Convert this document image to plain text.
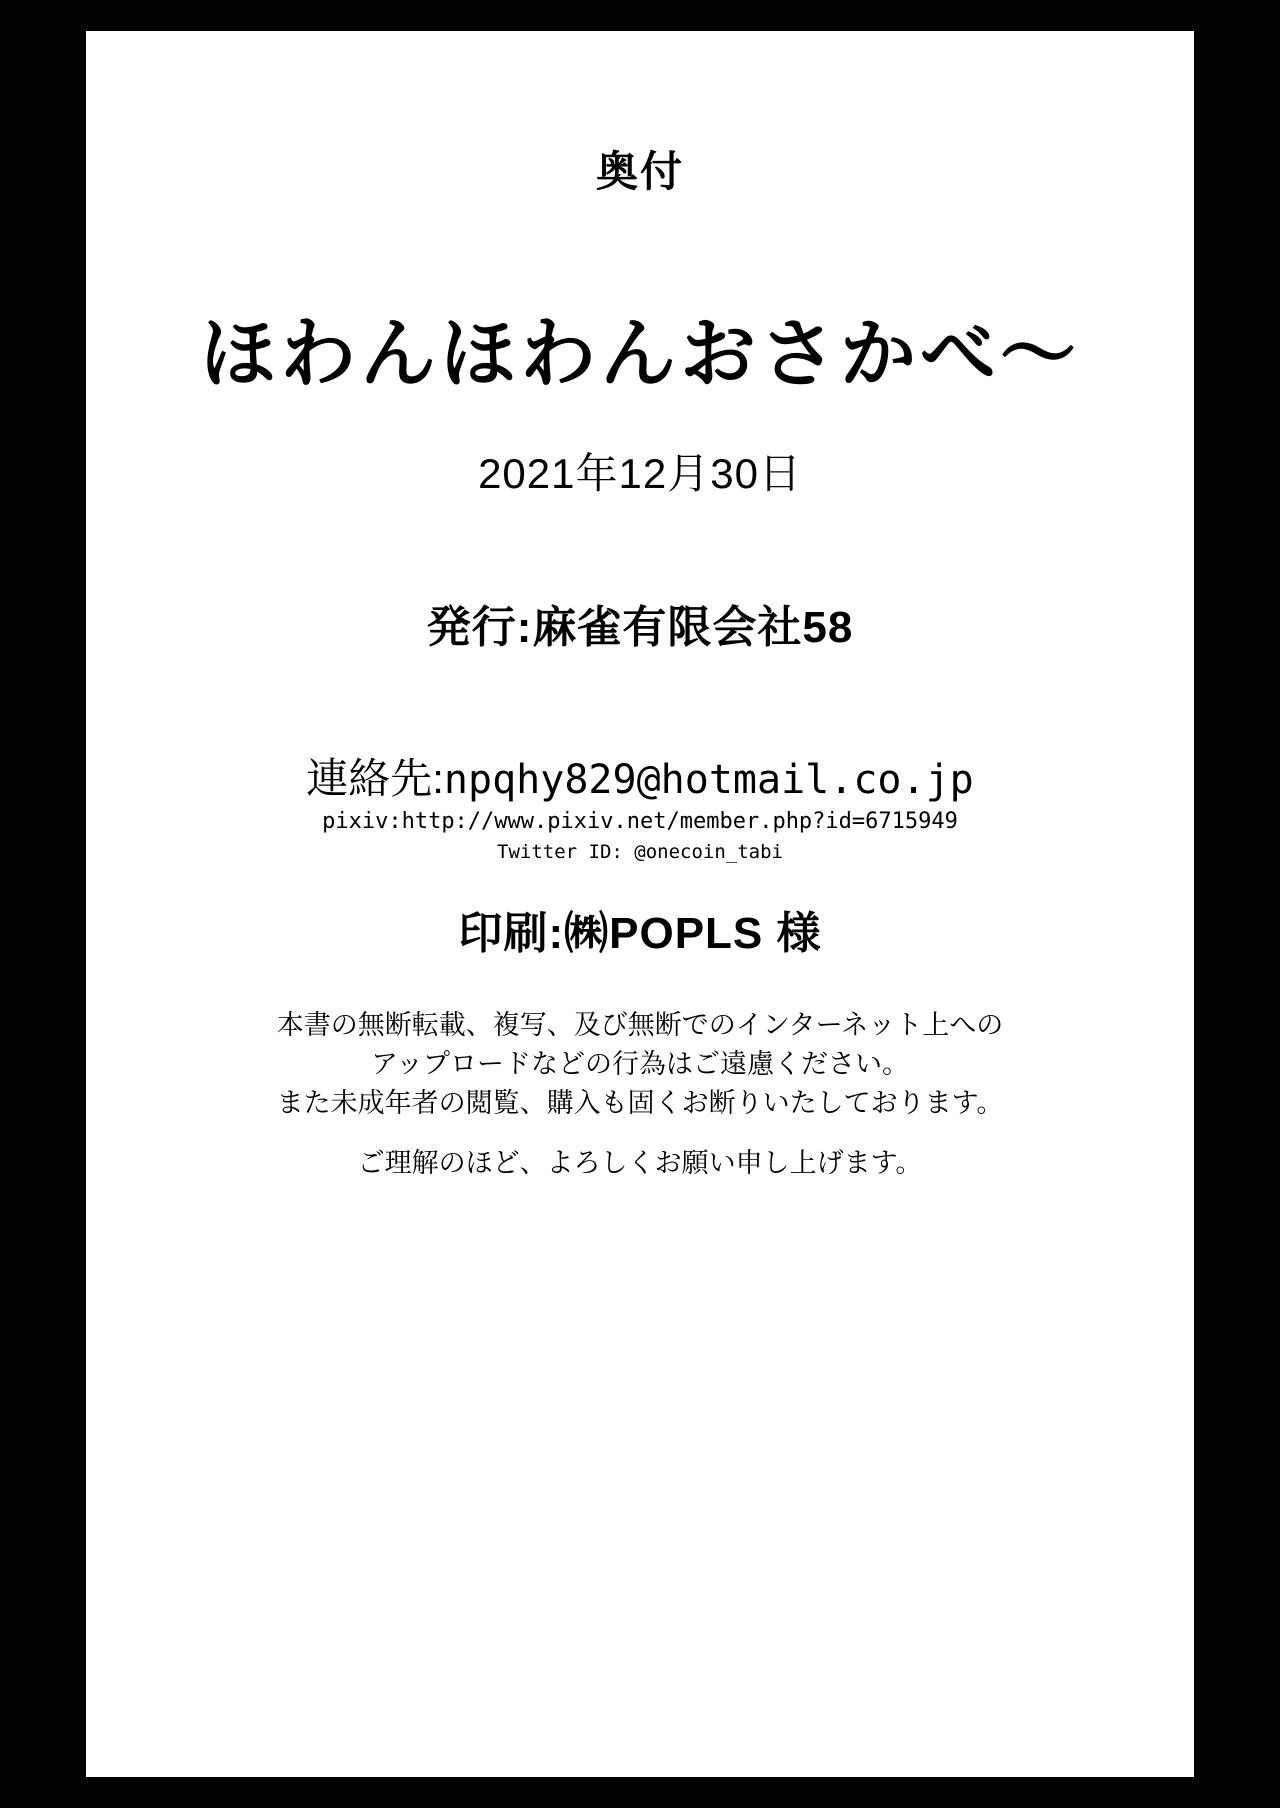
奥付
ほわんほわんおさかべ～
2021年12月30日
発行:麻雀有限会社58
連絡先:npqhy829@hotmail.co.jp
pixiv:http://www.pixiv.net/member.php?id=6715949
Twitter ID: @onecoin_tabi
印刷:㈱POPLS 様
本書の無断転載、複写、及び無断でのインターネット上への
アップロードなどの行為はご遠慮ください。
また未成年者の閲覧、購入も固くお断りいたしております。
ご理解のほど、よろしくお願い申し上げます。
